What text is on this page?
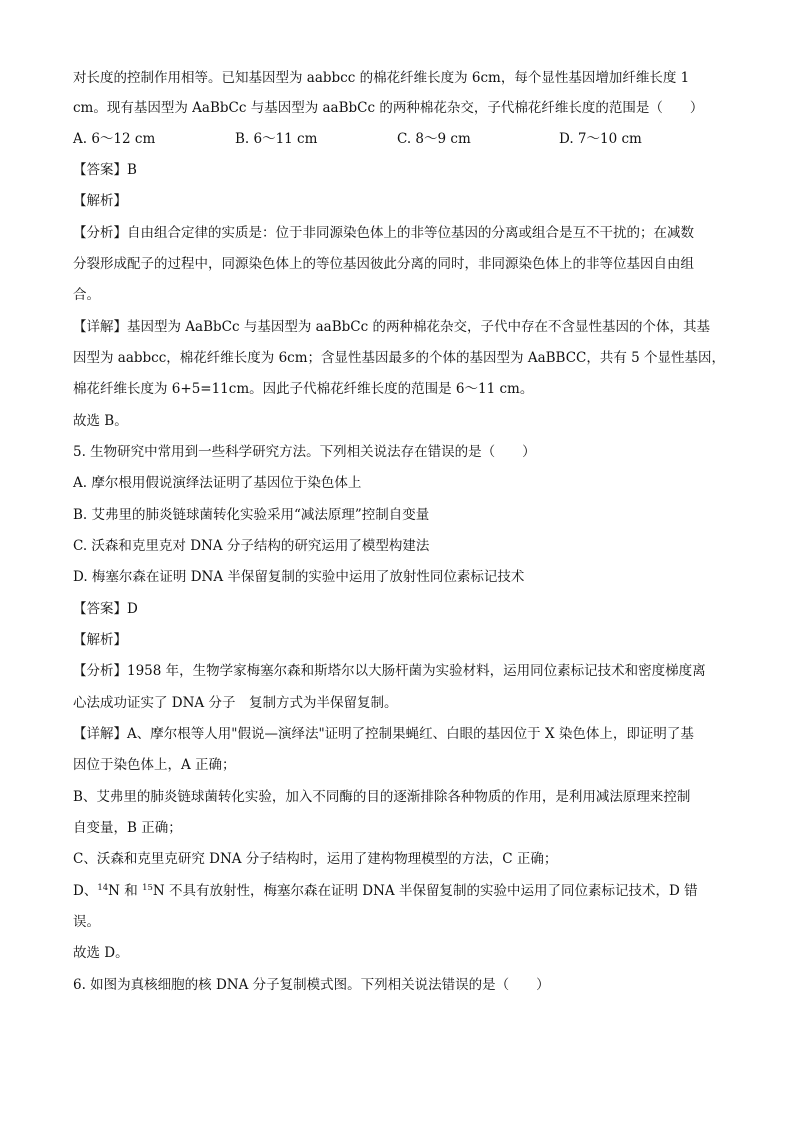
对长度的控制作用相等。已知基因型为 aabbcc 的棉花纤维长度为 6cm，每个显性基因增加纤维长度 1
cm。现有基因型为 AaBbCc 与基因型为 aaBbCc 的两种棉花杂交，子代棉花纤维长度的范围是（　　）
A. 6～12 cm	B. 6～11 cm	C. 8～9 cm	D. 7～10 cm
【答案】B
【解析】
【分析】自由组合定律的实质是：位于非同源染色体上的非等位基因的分离或组合是互不干扰的；在减数
分裂形成配子的过程中，同源染色体上的等位基因彼此分离的同时，非同源染色体上的非等位基因自由组
合。
【详解】基因型为 AaBbCc 与基因型为 aaBbCc 的两种棉花杂交，子代中存在不含显性基因的个体，其基
因型为 aabbcc，棉花纤维长度为 6cm；含显性基因最多的个体的基因型为 AaBBCC，共有 5 个显性基因，
棉花纤维长度为 6+5=11cm。因此子代棉花纤维长度的范围是 6～11 cm。
故选 B。
5. 生物研究中常用到一些科学研究方法。下列相关说法存在错误的是（　　）
A. 摩尔根用假说演绎法证明了基因位于染色体上
B. 艾弗里的肺炎链球菌转化实验采用“减法原理”控制自变量
C. 沃森和克里克对 DNA 分子结构的研究运用了模型构建法
D. 梅塞尔森在证明 DNA 半保留复制的实验中运用了放射性同位素标记技术
【答案】D
【解析】
【分析】1958 年，生物学家梅塞尔森和斯塔尔以大肠杆菌为实验材料，运用同位素标记技术和密度梯度离
心法成功证实了 DNA 分子　复制方式为半保留复制。
【详解】A、摩尔根等人用"假说—演绎法"证明了控制果蝇红、白眼的基因位于 X 染色体上，即证明了基
因位于染色体上，A 正确；
B、艾弗里的肺炎链球菌转化实验，加入不同酶的目的逐渐排除各种物质的作用，是利用减法原理来控制
自变量，B 正确；
C、沃森和克里克研究 DNA 分子结构时，运用了建构物理模型的方法，C 正确；
D、$^{14}$N 和 $^{15}$N 不具有放射性，梅塞尔森在证明 DNA 半保留复制的实验中运用了同位素标记技术，D 错
误。
故选 D。
6. 如图为真核细胞的核 DNA 分子复制模式图。下列相关说法错误的是（　　）
